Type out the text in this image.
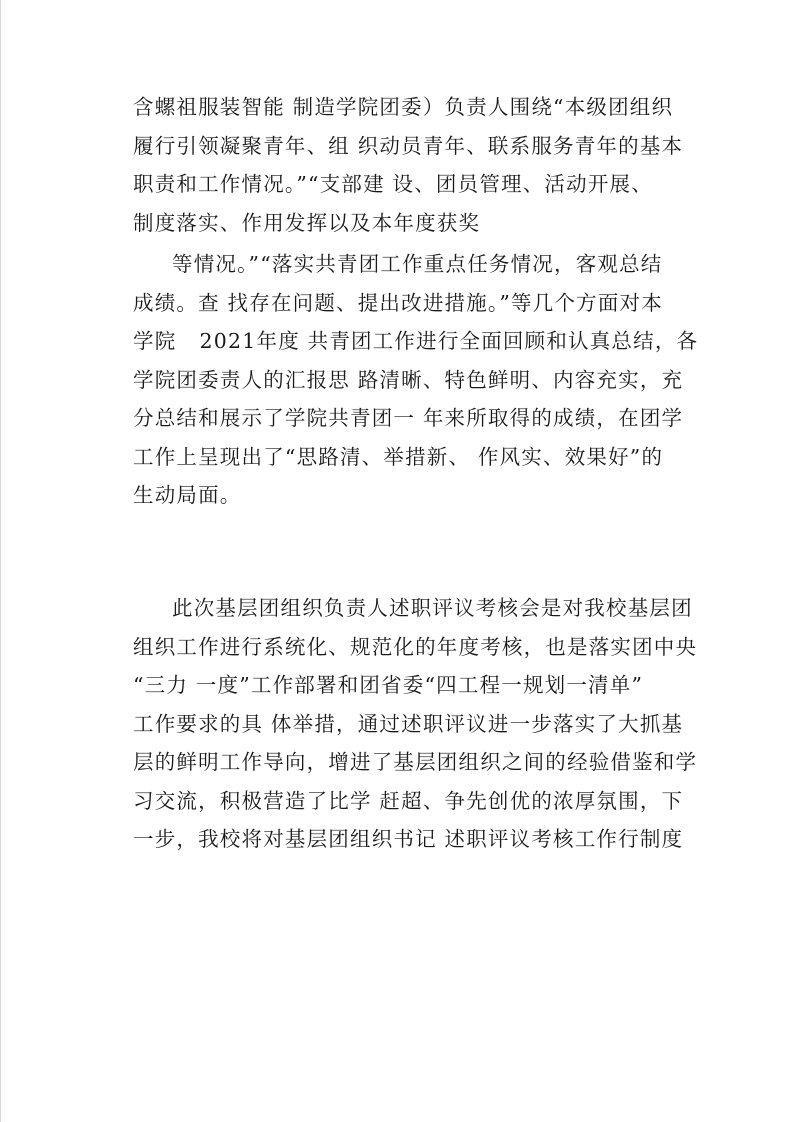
含螺祖服装智能 制造学院团委）负责人围绕“本级团组织
履行引领凝聚青年、组 织动员青年、联系服务青年的基本
职责和工作情况。”“支部建 设、团员管理、活动开展、
制度落实、作用发挥以及本年度获奖
等情况。”“落实共青团工作重点任务情况，客观总结
成绩。查 找存在问题、提出改进措施。”等几个方面对本
学院   2021年度 共青团工作进行全面回顾和认真总结，各
学院团委责人的汇报思 路清晰、特色鲜明、内容充实，充
分总结和展示了学院共青团一 年来所取得的成绩，在团学
工作上呈现出了“思路清、举措新、 作风实、效果好”的
生动局面。
此次基层团组织负责人述职评议考核会是对我校基层团
组织工作进行系统化、规范化的年度考核，也是落实团中央
“三力 一度”工作部署和团省委“四工程一规划一清单”
工作要求的具 体举措，通过述职评议进一步落实了大抓基
层的鲜明工作导向，增进了基层团组织之间的经验借鉴和学
习交流，积极营造了比学 赶超、争先创优的浓厚氛围，下
一步，我校将对基层团组织书记 述职评议考核工作行制度
